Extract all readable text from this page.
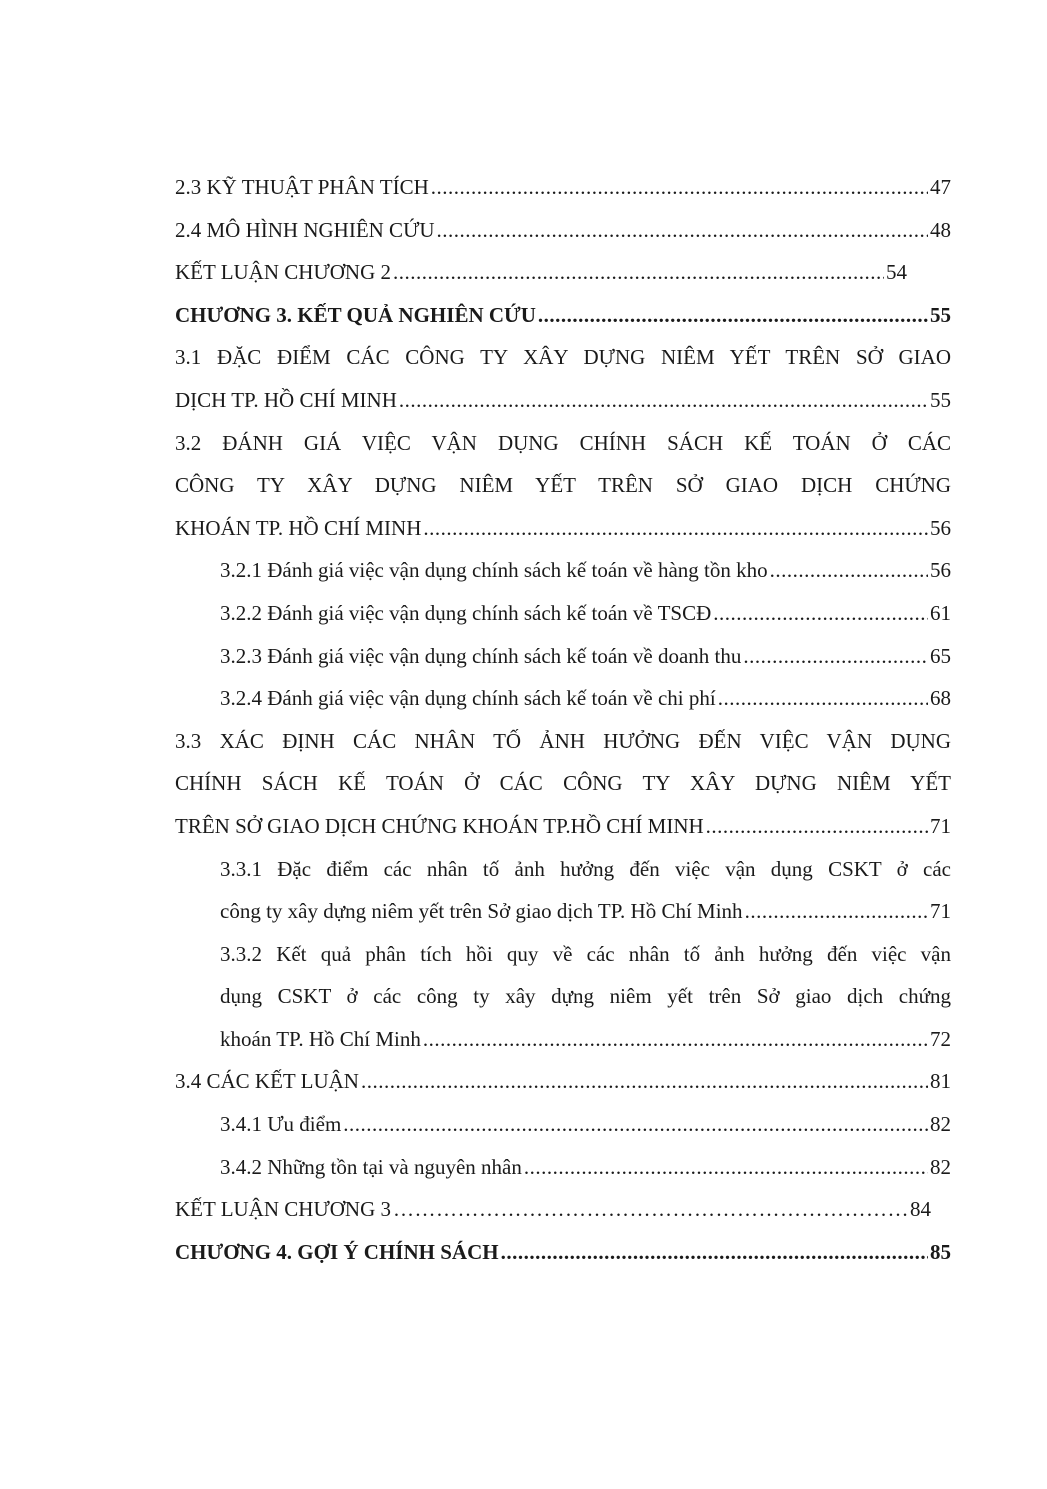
2.3 KỸ THUẬT PHÂN TÍCH .....	47
2.4 MÔ HÌNH NGHIÊN CỨU .....	48
KẾT LUẬN CHƯƠNG 2 .....	54
CHƯƠNG 3. KẾT QUẢ NGHIÊN CỨU .....	55
3.1 ĐẶC ĐIỂM CÁC CÔNG TY XÂY DỰNG NIÊM YẾT TRÊN SỞ GIAO
DỊCH TP. HỒ CHÍ MINH .....	55
3.2 ĐÁNH GIÁ VIỆC VẬN DỤNG CHÍNH SÁCH KẾ TOÁN Ở CÁC
CÔNG TY XÂY DỰNG NIÊM YẾT TRÊN SỞ GIAO DỊCH CHỨNG
KHOÁN TP. HỒ CHÍ MINH .....	56
3.2.1 Đánh giá việc vận dụng chính sách kế toán về hàng tồn kho .....	56
3.2.2 Đánh giá việc vận dụng chính sách kế toán về TSCĐ .....	61
3.2.3 Đánh giá việc vận dụng chính sách kế toán về doanh thu .....	65
3.2.4 Đánh giá việc vận dụng chính sách kế toán về chi phí .....	68
3.3 XÁC ĐỊNH CÁC NHÂN TỐ ẢNH HƯỞNG ĐẾN VIỆC VẬN DỤNG
CHÍNH SÁCH KẾ TOÁN Ở CÁC CÔNG TY XÂY DỰNG NIÊM YẾT
TRÊN SỞ GIAO DỊCH CHỨNG KHOÁN TP.HỒ CHÍ MINH .....	71
3.3.1 Đặc điểm các nhân tố ảnh hưởng đến việc vận dụng CSKT ở các
công ty xây dựng niêm yết trên Sở giao dịch TP. Hồ Chí Minh .....	71
3.3.2 Kết quả phân tích hồi quy về các nhân tố ảnh hưởng đến việc vận
dụng CSKT ở các công ty xây dựng niêm yết trên Sở giao dịch chứng
khoán TP. Hồ Chí Minh .....	72
3.4 CÁC KẾT LUẬN .....	81
3.4.1 Ưu điểm .....	82
3.4.2 Những tồn tại và nguyên nhân .....	82
KẾT LUẬN CHƯƠNG 3 ……………………………………………………………………………………………………………………	84
CHƯƠNG 4. GỢI Ý CHÍNH SÁCH .....	85
